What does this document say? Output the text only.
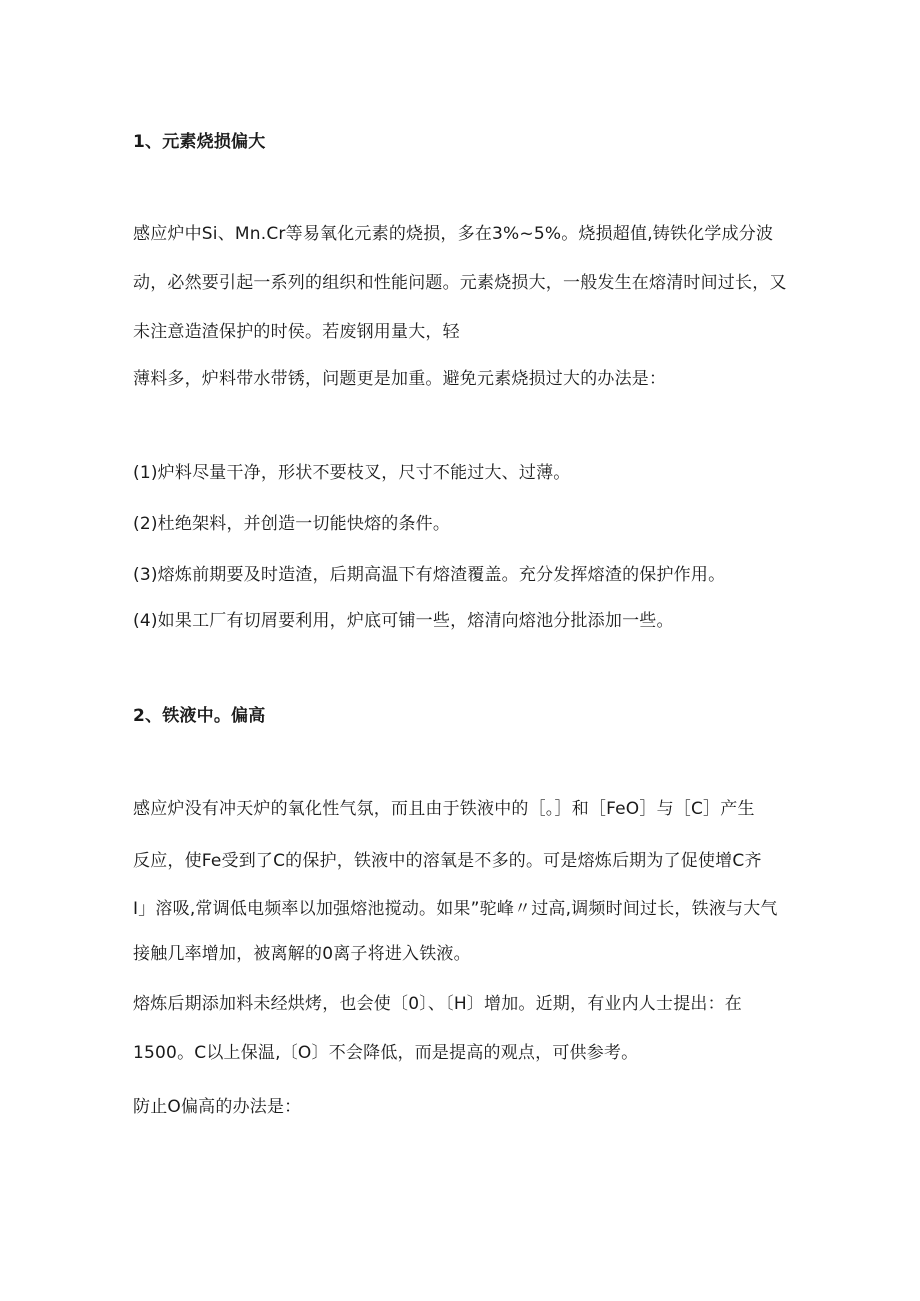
1、元素烧损偏大
感应炉中Si、Mn.Cr等易氧化元素的烧损，多在3%~5%。烧损超值,铸铁化学成分波
动，必然要引起一系列的组织和性能问题。元素烧损大，一般发生在熔清时间过长，又
未注意造渣保护的时侯。若废钢用量大，轻
薄料多，炉料带水带锈，问题更是加重。避免元素烧损过大的办法是：
(1)炉料尽量干净，形状不要枝叉，尺寸不能过大、过薄。
(2)杜绝架料，并创造一切能快熔的条件。
(3)熔炼前期要及时造渣，后期高温下有熔渣覆盖。充分发挥熔渣的保护作用。
(4)如果工厂有切屑要利用，炉底可铺一些，熔清向熔池分批添加一些。
2、铁液中。偏高
感应炉没有冲天炉的氧化性气氛，而且由于铁液中的［。］和［FeO］与［C］产生
反应，使Fe受到了C的保护，铁液中的溶氧是不多的。可是熔炼后期为了促使增C齐
I」溶吸,常调低电频率以加强熔池搅动。如果”驼峰〃过高,调频时间过长，铁液与大气
接触几率增加，被离解的0离子将进入铁液。
熔炼后期添加料未经烘烤，也会使〔0〕、〔H〕增加。近期，有业内人士提出：在
1500。C以上保温,〔O〕不会降低，而是提高的观点，可供参考。
防止O偏高的办法是：
